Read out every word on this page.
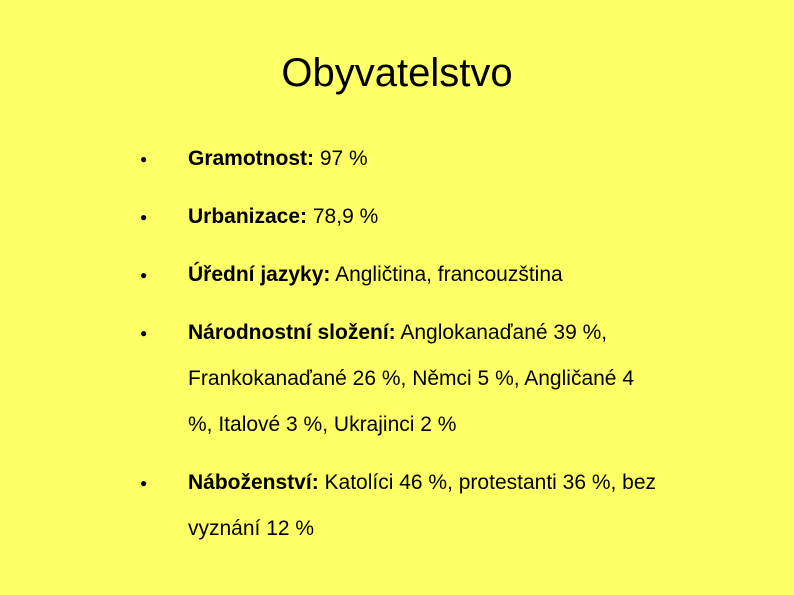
Obyvatelstvo
● Gramotnost: 97 %
● Urbanizace: 78,9 %
● Úřední jazyky: Angličtina, francouzština
● Národnostní složení: Anglokanaďané 39 %, Frankokanaďané 26 %, Němci 5 %, Angličané 4 %, Italové 3 %, Ukrajinci 2 %
● Náboženství: Katolíci 46 %, protestanti 36 %, bez vyznání 12 %
